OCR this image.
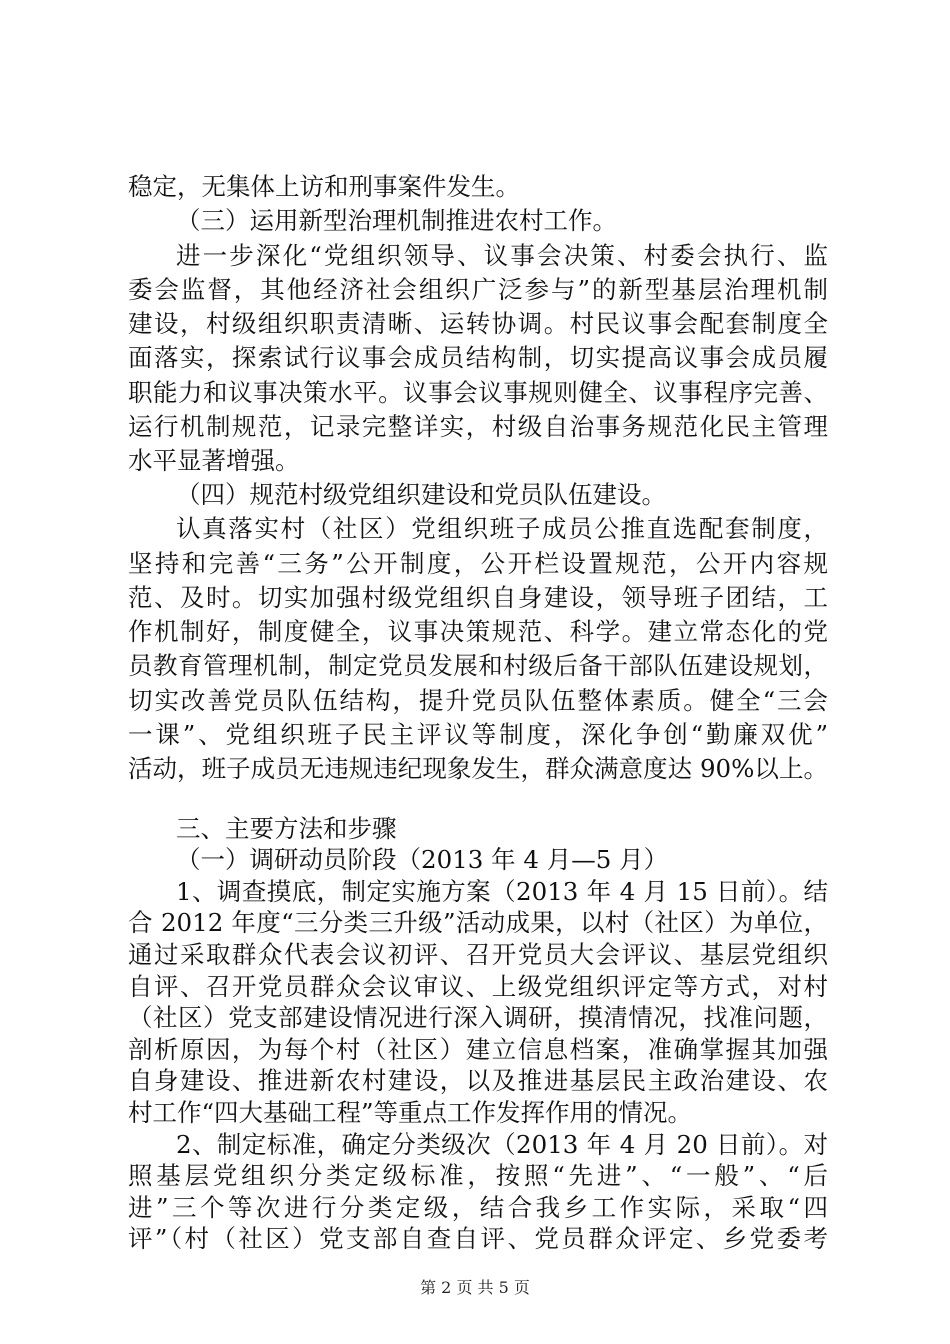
稳定，无集体上访和刑事案件发生。
（三）运用新型治理机制推进农村工作。
进一步深化“党组织领导、议事会决策、村委会执行、监
委会监督，其他经济社会组织广泛参与”的新型基层治理机制
建设，村级组织职责清晰、运转协调。村民议事会配套制度全
面落实，探索试行议事会成员结构制，切实提高议事会成员履
职能力和议事决策水平。议事会议事规则健全、议事程序完善、
运行机制规范，记录完整详实，村级自治事务规范化民主管理
水平显著增强。
（四）规范村级党组织建设和党员队伍建设。
认真落实村（社区）党组织班子成员公推直选配套制度，
坚持和完善“三务”公开制度，公开栏设置规范，公开内容规
范、及时。切实加强村级党组织自身建设，领导班子团结，工
作机制好，制度健全，议事决策规范、科学。建立常态化的党
员教育管理机制，制定党员发展和村级后备干部队伍建设规划，
切实改善党员队伍结构，提升党员队伍整体素质。健全“三会
一课”、党组织班子民主评议等制度，深化争创“勤廉双优”
活动，班子成员无违规违纪现象发生，群众满意度达 90%以上。
三、主要方法和步骤
（一）调研动员阶段（2013 年 4 月—5 月）
1、调查摸底，制定实施方案（2013 年 4 月 15 日前）。结
合 2012 年度“三分类三升级”活动成果，以村（社区）为单位，
通过采取群众代表会议初评、召开党员大会评议、基层党组织
自评、召开党员群众会议审议、上级党组织评定等方式，对村
（社区）党支部建设情况进行深入调研，摸清情况，找准问题，
剖析原因，为每个村（社区）建立信息档案，准确掌握其加强
自身建设、推进新农村建设，以及推进基层民主政治建设、农
村工作“四大基础工程”等重点工作发挥作用的情况。
2、制定标准，确定分类级次（2013 年 4 月 20 日前）。对
照基层党组织分类定级标准，按照“先进”、“一般”、“后
进”三个等次进行分类定级，结合我乡工作实际，采取“四
评”（村（社区）党支部自查自评、党员群众评定、乡党委考
第 2 页 共 5 页
